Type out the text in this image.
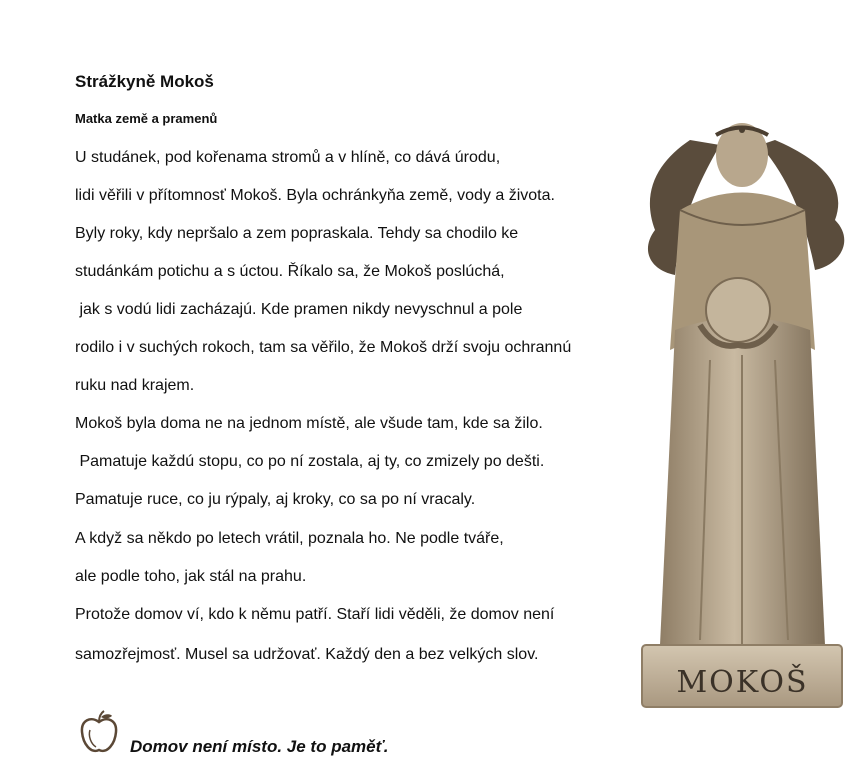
Strážkyně Mokoš
Matka země a pramenů
U studánek, pod kořenama stromů a v hlíně, co dává úrodu,
lidi věřili v přítomnosť Mokoš. Byla ochránkyňa země, vody a života.
Byly roky, kdy nepršalo a zem popraskala. Tehdy sa chodilo ke
studánkám potichu a s úctou. Říkalo sa, že Mokoš poslúchá,
jak s vodú lidi zacházajú. Kde pramen nikdy nevyschnul a pole
rodilo i v suchých rokoch, tam sa věřilo, že Mokoš drží svoju ochrannú
ruku nad krajem.
Mokoš byla doma ne na jednom místě, ale všude tam, kde sa žilo.
Pamatuje každú stopu, co po ní zostala, aj ty, co zmizely po dešti.
Pamatuje ruce, co ju rýpaly, aj kroky, co sa po ní vracaly.
A když sa někdo po letech vrátil, poznala ho. Ne podle tváře,
ale podle toho, jak stál na prahu.
Protože domov ví, kdo k němu patří. Staří lidi věděli, že domov není
samozřejmosť. Musel sa udržovať. Každý den a bez velkých slov.
MOKOŠ
Domov není místo. Je to paměť.
